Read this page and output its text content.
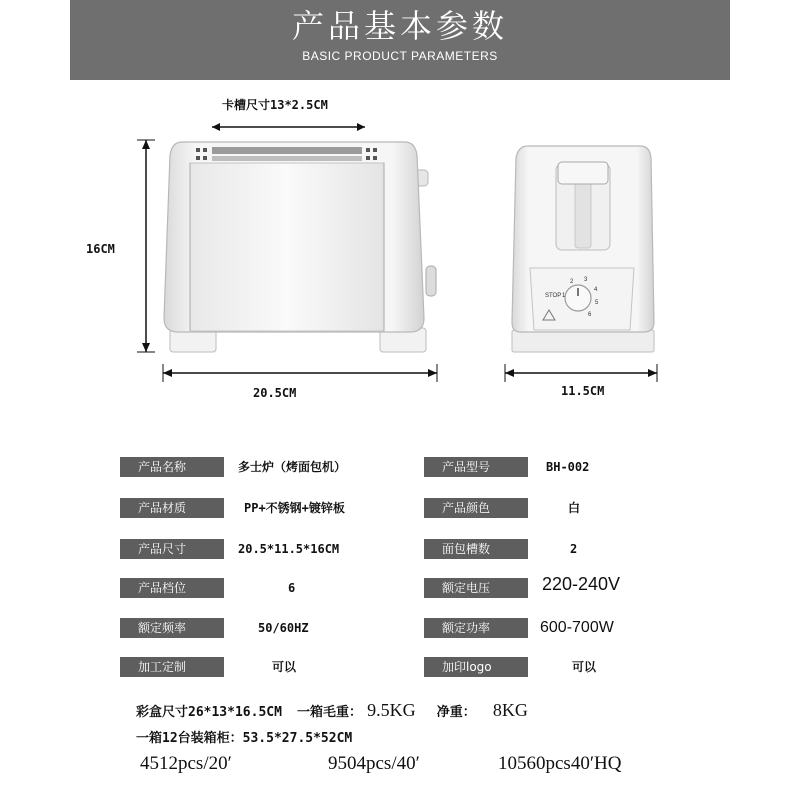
产品基本参数
BASIC PRODUCT PARAMETERS
STOP 1
2 3
4
5
6
卡槽尺寸13*2.5CM
16CM
20.5CM	11.5CM
产品名称	多士炉（烤面包机）	产品型号	BH-002
产品材质	PP+不锈钢+镀锌板	产品颜色	白
产品尺寸	20.5*11.5*16CM	面包槽数	2
产品档位	6	额定电压	220-240V
额定频率	50/60HZ	额定功率	600-700W
加工定制	可以	加印logo	可以
彩盒尺寸26*13*16.5CM 一箱毛重： 9.5KG 净重： 8KG
一箱12台装箱柜：53.5*27.5*52CM
4512pcs/20′	9504pcs/40′	10560pcs40′HQ
